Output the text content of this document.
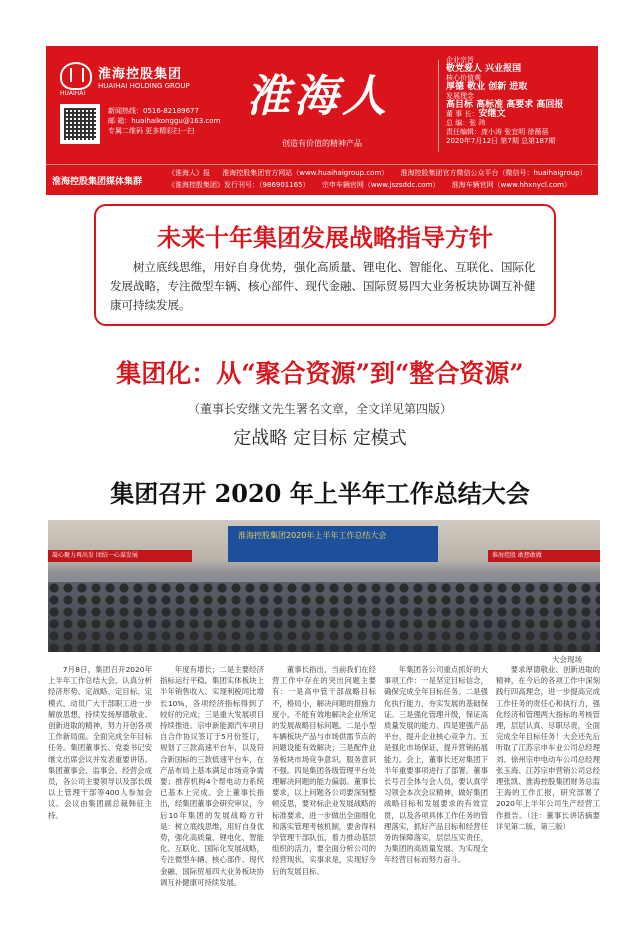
淮海控股集团
HUAIHAI HOLDING GROUP
HUAIHAI
新闻热线：0516-82189677
邮 箱：huaihaikonggu@163.com
专属二维码 更多精彩扫一扫
淮海人
创造有价值的精神产品
企业宗旨
敬党爱人 兴业报国
核心价值观
厚德 敬业 创新 进取
发展理念
高目标 高标准 高要求 高回报
董 事 长：安继文
总 编：张 玮
责任编辑：庞小涛 张宜明 徐薇蓓
2020年7月12日 第7期 总第187期
淮海控股集团媒体集群
《淮海人》报 淮海控股集团官方网站（www.huaihaigroup.com） 淮海控股集团官方微信公众平台（微信号：huaihaigroup）
《淮海控股集团》发行刊号：（986901165） 宗申车辆官网（www.jszsddc.com） 淮海车辆官网（www.hhxnycl.com）
未来十年集团发展战略指导方针
树立底线思维，用好自身优势，强化高质量、锂电化、智能化、互联化、国际化发展战略，专注微型车辆、核心部件、现代金融、国际贸易四大业务板块协调互补健康可持续发展。
集团化：从“聚合资源”到“整合资源”
（董事长安继文先生署名文章，全文详见第四版）
定战略 定目标 定模式
集团召开 2020 年上半年工作总结大会
凝心聚力再出发 团结一心谋发展
淮海控股集团2020年上半年工作总结大会
淮海控股 敢想敢做
大会现场

7月8日，集团召开2020年上半年工作总结大会。认真分析经济形势、定战略、定目标、定模式，动员广大干部职工进一步解放思想，持续发扬厚德敬业、创新进取的精神，努力开创各项工作新局面。全面完成全年目标任务。集团董事长、党委书记安继文出席会议并发表重要讲话。集团董事会、监事会、经营会成员，各公司主要领导以及部长级以上管理干部等400人参加会议。会议由集团副总裁韩征主持。

年度有增长；二是主要经济指标运行平稳。集团实体板块上半年销售收入、实现利税同比增长10%，各项经济指标得到了较好的完成；三是重大发展项目持续推进。宗申新能源汽车项目自合作协议签订于5月份签订，规划了三款高速平台车，以及符合新国标的三款低速平台车，在产品布局上基本满足市场竞争需要；推荐机构4个帮电动力系统已基本上完成。会上董事长指出，经集团董事会研究审议，今后10年集团的发展战略方针是：树立底线思维，用好自身优势，强化高质量、锂电化、智能化、互联化、国际化发展战略，专注微型车辆、核心部件、现代金融、国际贸易四大业务板块协调互补健康可持续发展。

董事长指出，当前我们在经营工作中存在的突出问题主要有：一是高中管干部战略目标不，格局小，解决问题的措施力度小，不能有效地解决企业所定的发展战略目标问题。二是小型车辆板块产品与市场供需节点的问题设能有效解决；三是配件业务板块市场竞争意识，服务意识不强。四是集团各级管理平台处理解决问题的能力偏弱。董事长要求，以上问题各公司要深刻整顿反思，要对标企业发展战略的标准要求，进一步做出全面细化和落实管理考核机制，要舍得科学管理干部队伍，着力推动基层组织的活力，要全面分析公司的经营现状，实事求是，实现好今后的发展目标。

年集团各公司重点抓好的大事项工作：一是坚定目标信念，确保完成全年目标任务。二是强化执行能力，夯实发展的基础保证。三是强化管理升级，保证高质量发展的能力。四是建强产品平台，提升企业核心竞争力。五是强化市场保证，提升营销拓展能力。会上，董事长还对集团下半年重要事项进行了部署。董事长号召全体与会人员，要认真学习领会本次会议精神，做好集团战略目标和发展要求的有效宣贯，以及各项具体工作任务的管理落实，抓好产品目标和经营任务的保障落实，层层压实责任，为集团的高质量发展、为实现全年经营目标而努力奋斗。

要求厚德敬业、创新进取的精神，在今后的各项工作中深刻践行四高理念，进一步提高完成工作任务的责任心和执行力，强化经济和管理两大指标的考核管理，层层认真、尽职尽责，全面完成全年目标任务！大会还先后听取了江苏宗申车业公司总经理刘、徐州宗申电动车公司总经理张玉海、江苏宗申营销公司总经理张凯、淮海控股集团财务总监王海的工作汇报，研究部署了2020年上半年公司生产经营工作报告。（注：董事长讲话摘要详见第二版、第三版）
